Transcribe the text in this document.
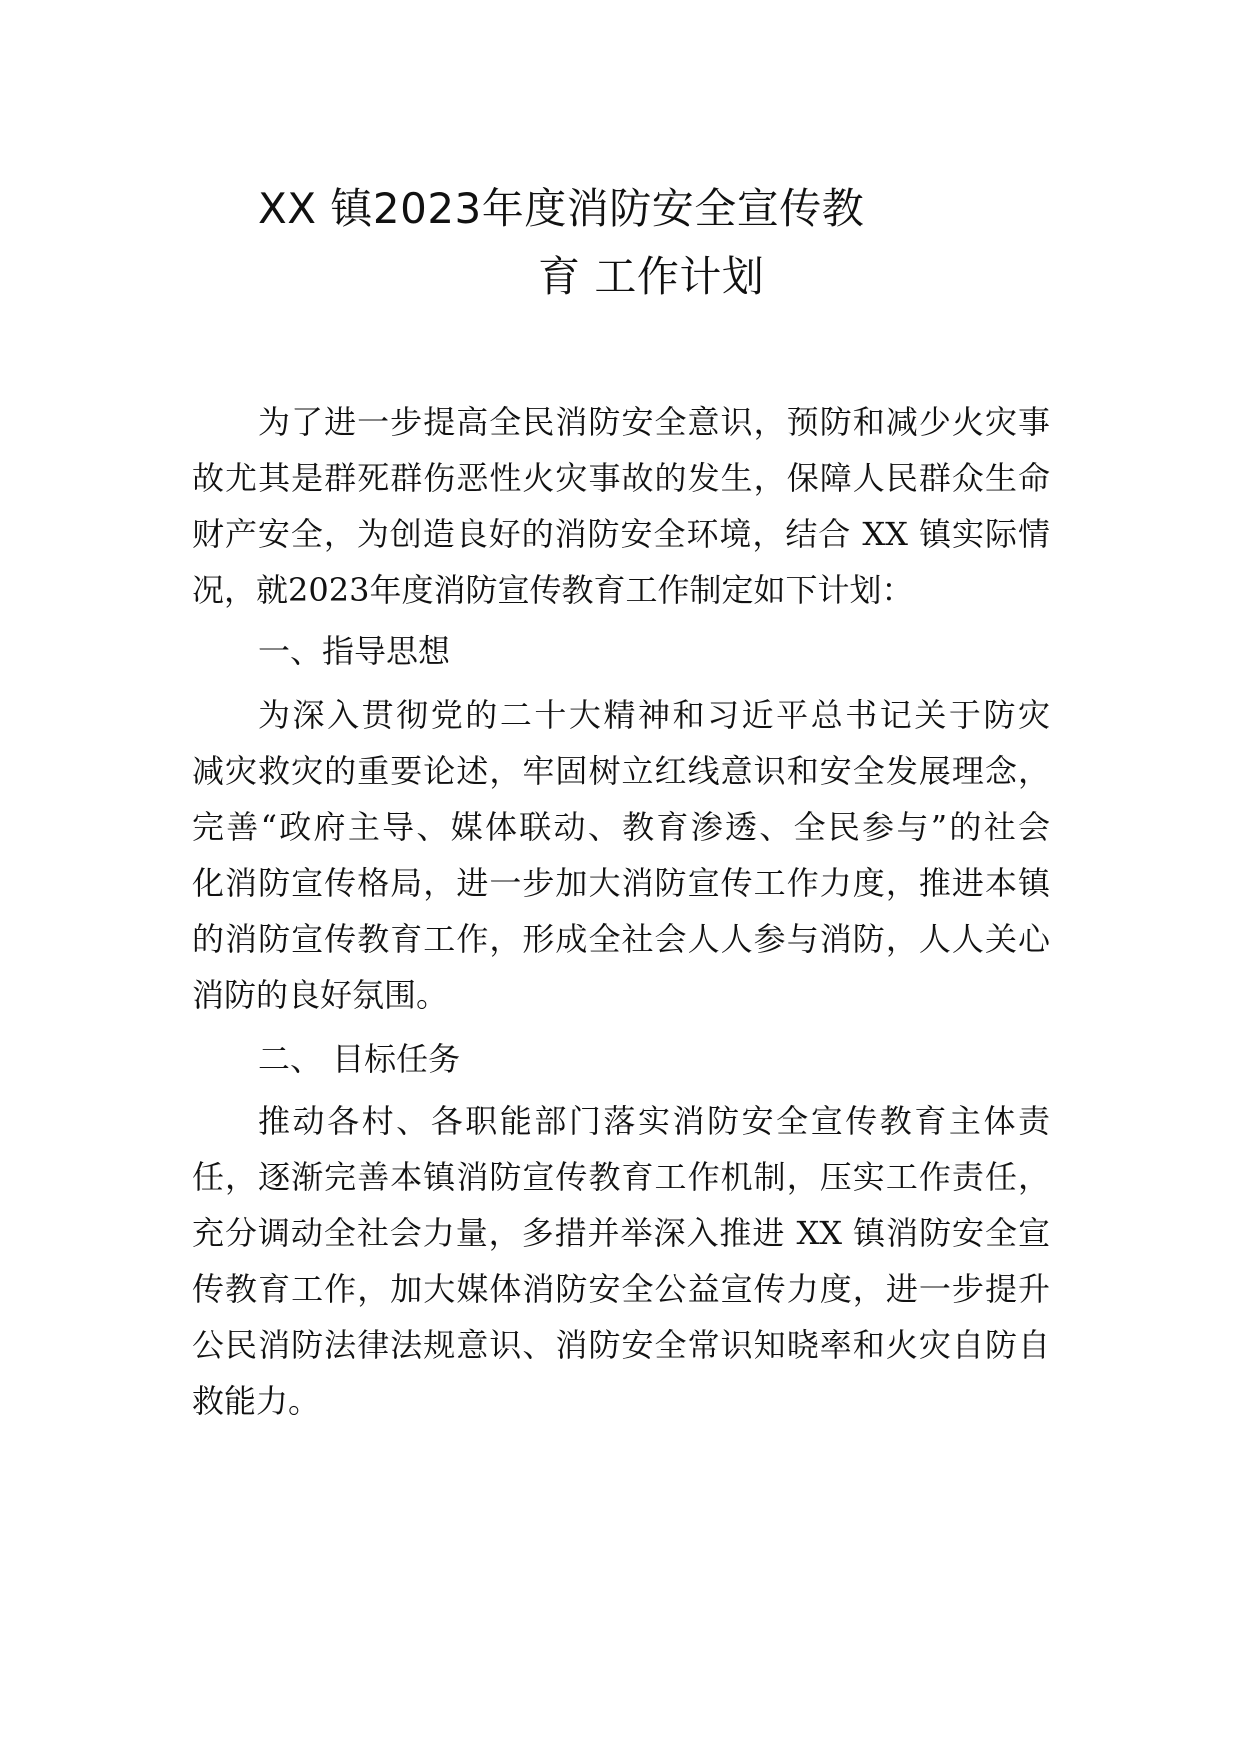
XX 镇2023年度消防安全宣传教
育 工作计划
为了进一步提高全民消防安全意识，预防和减少火灾事
故尤其是群死群伤恶性火灾事故的发生，保障人民群众生命
财产安全，为创造良好的消防安全环境，结合 XX 镇实际情
况，就2023年度消防宣传教育工作制定如下计划：
一、指导思想
为深入贯彻党的二十大精神和习近平总书记关于防灾
减灾救灾的重要论述，牢固树立红线意识和安全发展理念，
完善“政府主导、媒体联动、教育渗透、全民参与”的社会
化消防宣传格局，进一步加大消防宣传工作力度，推进本镇
的消防宣传教育工作，形成全社会人人参与消防，人人关心
消防的良好氛围。
二、 目标任务
推动各村、各职能部门落实消防安全宣传教育主体责
任，逐渐完善本镇消防宣传教育工作机制，压实工作责任，
充分调动全社会力量，多措并举深入推进 XX 镇消防安全宣
传教育工作，加大媒体消防安全公益宣传力度，进一步提升
公民消防法律法规意识、消防安全常识知晓率和火灾自防自
救能力。
